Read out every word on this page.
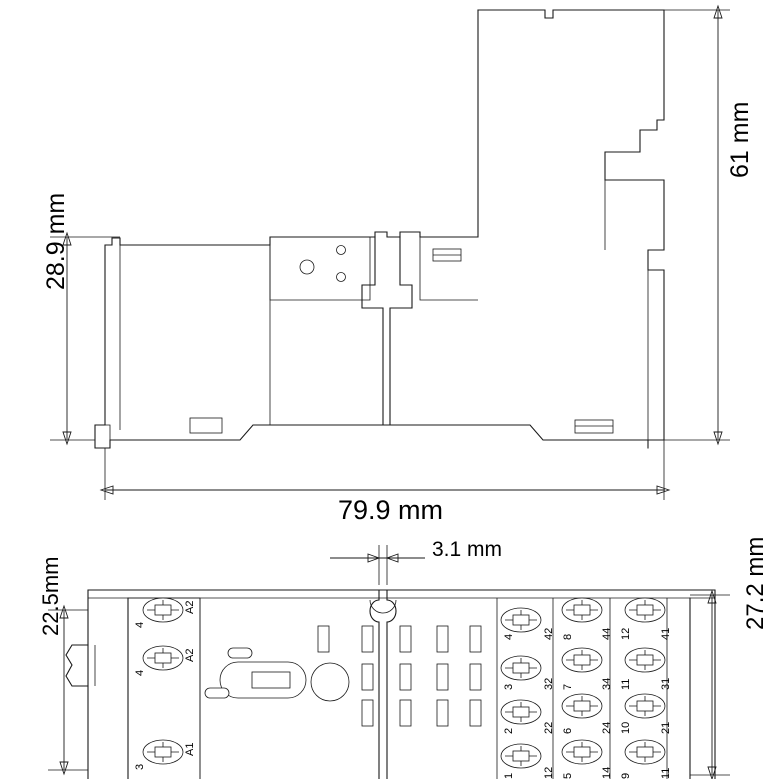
61 mm
28.9 mm
79.9 mm
3.1 mm
22.5mm	27.2 mm
A2
4
A2
4
A1
3
4	42
3	32
2	22
1	12
8 44
7 34
6 24
5 14
12	41
11	31
10	21
9	11
